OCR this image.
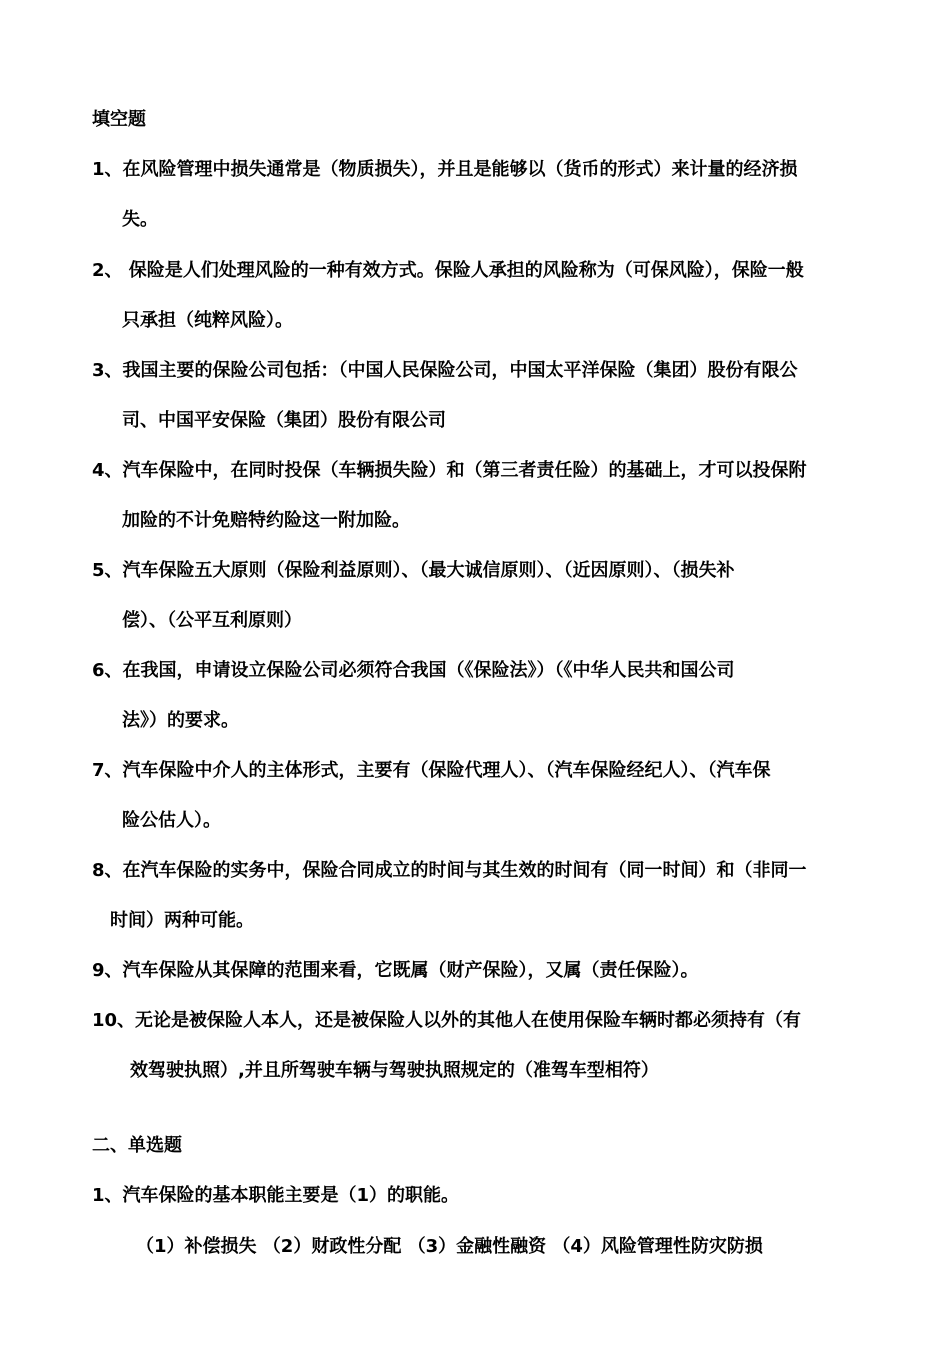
填空题
1、在风险管理中损失通常是（物质损失），并且是能够以（货币的形式）来计量的经济损
失。
2、 保险是人们处理风险的一种有效方式。保险人承担的风险称为（可保风险），保险一般
只承担（纯粹风险）。
3、我国主要的保险公司包括：（中国人民保险公司，中国太平洋保险（集团）股份有限公
司、中国平安保险（集团）股份有限公司
4、汽车保险中，在同时投保（车辆损失险）和（第三者责任险）的基础上，才可以投保附
加险的不计免赔特约险这一附加险。
5、汽车保险五大原则（保险利益原则）、（最大诚信原则）、（近因原则）、（损失补
偿）、（公平互利原则）
6、在我国，申请设立保险公司必须符合我国（《保险法》）（《中华人民共和国公司
法》）的要求。
7、汽车保险中介人的主体形式，主要有（保险代理人）、（汽车保险经纪人）、（汽车保
险公估人）。
8、在汽车保险的实务中，保险合同成立的时间与其生效的时间有（同一时间）和（非同一
时间）两种可能。
9、汽车保险从其保障的范围来看，它既属（财产保险），又属（责任保险）。
10、无论是被保险人本人，还是被保险人以外的其他人在使用保险车辆时都必须持有（有
效驾驶执照）,并且所驾驶车辆与驾驶执照规定的（准驾车型相符）
二、单选题
1、汽车保险的基本职能主要是（1）的职能。
（1）补偿损失 （2）财政性分配 （3）金融性融资 （4）风险管理性防灾防损
